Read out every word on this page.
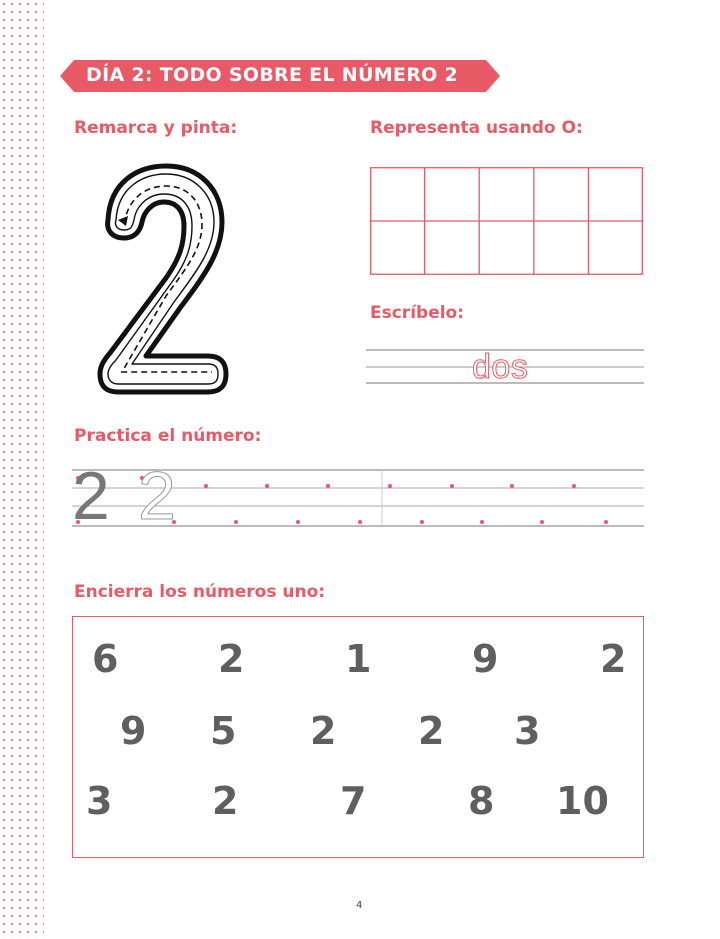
DÍA 2: TODO SOBRE EL NÚMERO 2
Remarca y pinta:	Representa usando O:
Escríbelo:
Practica el número:
Encierra los números uno:
dos
2 2
6	2	1	9	2
9 5 2 2 3
3	2	7	8 10
4
